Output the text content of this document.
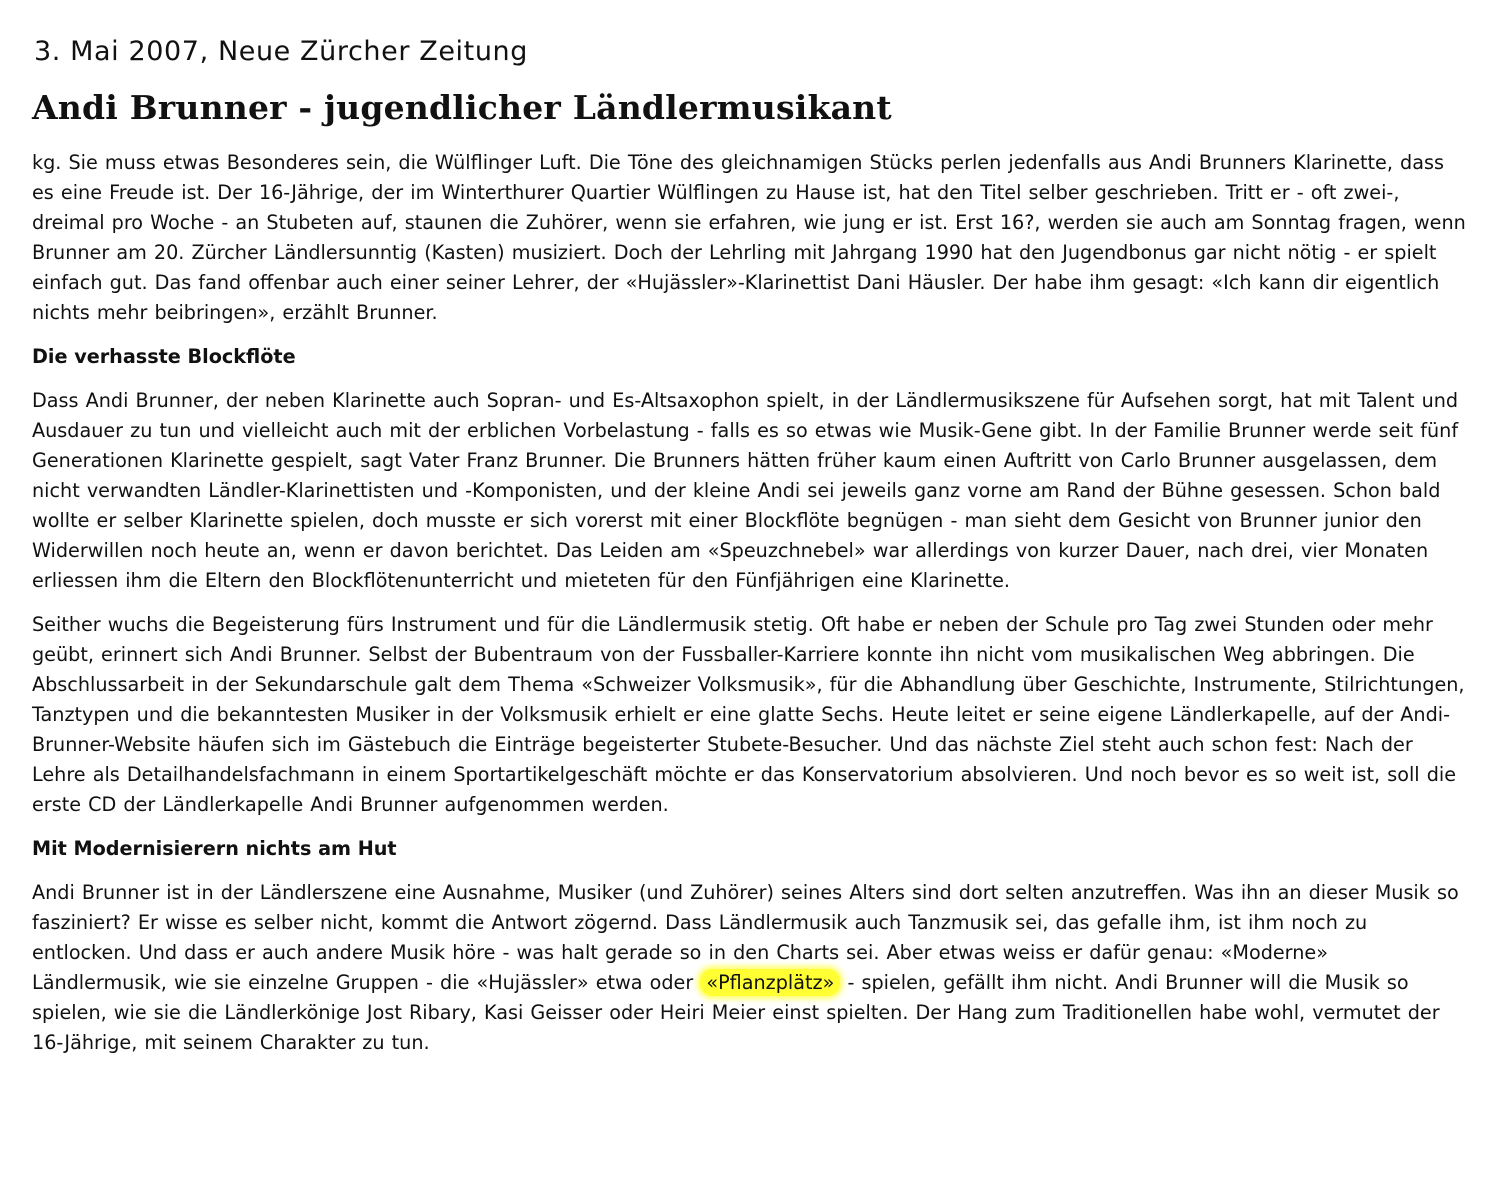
3. Mai 2007, Neue Zürcher Zeitung
Andi Brunner - jugendlicher Ländlermusikant

kg. Sie muss etwas Besonderes sein, die Wülflinger Luft. Die Töne des gleichnamigen Stücks perlen jedenfalls aus Andi Brunners Klarinette, dass es eine Freude ist. Der 16-Jährige, der im Winterthurer Quartier Wülflingen zu Hause ist, hat den Titel selber geschrieben. Tritt er - oft zwei-, dreimal pro Woche - an Stubeten auf, staunen die Zuhörer, wenn sie erfahren, wie jung er ist. Erst 16?, werden sie auch am Sonntag fragen, wenn Brunner am 20. Zürcher Ländlersunntig (Kasten) musiziert. Doch der Lehrling mit Jahrgang 1990 hat den Jugendbonus gar nicht nötig - er spielt einfach gut. Das fand offenbar auch einer seiner Lehrer, der «Hujässler»-Klarinettist Dani Häusler. Der habe ihm gesagt: «Ich kann dir eigentlich nichts mehr beibringen», erzählt Brunner.

Die verhasste Blockflöte

Dass Andi Brunner, der neben Klarinette auch Sopran- und Es-Altsaxophon spielt, in der Ländlermusikszene für Aufsehen sorgt, hat mit Talent und Ausdauer zu tun und vielleicht auch mit der erblichen Vorbelastung - falls es so etwas wie Musik-Gene gibt. In der Familie Brunner werde seit fünf Generationen Klarinette gespielt, sagt Vater Franz Brunner. Die Brunners hätten früher kaum einen Auftritt von Carlo Brunner ausgelassen, dem nicht verwandten Ländler-Klarinettisten und -Komponisten, und der kleine Andi sei jeweils ganz vorne am Rand der Bühne gesessen. Schon bald wollte er selber Klarinette spielen, doch musste er sich vorerst mit einer Blockflöte begnügen - man sieht dem Gesicht von Brunner junior den Widerwillen noch heute an, wenn er davon berichtet. Das Leiden am «Speuzchnebel» war allerdings von kurzer Dauer, nach drei, vier Monaten erliessen ihm die Eltern den Blockflötenunterricht und mieteten für den Fünfjährigen eine Klarinette.

Seither wuchs die Begeisterung fürs Instrument und für die Ländlermusik stetig. Oft habe er neben der Schule pro Tag zwei Stunden oder mehr geübt, erinnert sich Andi Brunner. Selbst der Bubentraum von der Fussballer-Karriere konnte ihn nicht vom musikalischen Weg abbringen. Die Abschlussarbeit in der Sekundarschule galt dem Thema «Schweizer Volksmusik», für die Abhandlung über Geschichte, Instrumente, Stilrichtungen, Tanztypen und die bekanntesten Musiker in der Volksmusik erhielt er eine glatte Sechs. Heute leitet er seine eigene Ländlerkapelle, auf der Andi-Brunner-Website häufen sich im Gästebuch die Einträge begeisterter Stubete-Besucher. Und das nächste Ziel steht auch schon fest: Nach der Lehre als Detailhandelsfachmann in einem Sportartikelgeschäft möchte er das Konservatorium absolvieren. Und noch bevor es so weit ist, soll die erste CD der Ländlerkapelle Andi Brunner aufgenommen werden.

Mit Modernisierern nichts am Hut

Andi Brunner ist in der Ländlerszene eine Ausnahme, Musiker (und Zuhörer) seines Alters sind dort selten anzutreffen. Was ihn an dieser Musik so fasziniert? Er wisse es selber nicht, kommt die Antwort zögernd. Dass Ländlermusik auch Tanzmusik sei, das gefalle ihm, ist ihm noch zu entlocken. Und dass er auch andere Musik höre - was halt gerade so in den Charts sei. Aber etwas weiss er dafür genau: «Moderne» Ländlermusik, wie sie einzelne Gruppen - die «Hujässler» etwa oder «Pflanzplätz» - spielen, gefällt ihm nicht. Andi Brunner will die Musik so spielen, wie sie die Ländlerkönige Jost Ribary, Kasi Geisser oder Heiri Meier einst spielten. Der Hang zum Traditionellen habe wohl, vermutet der 16-Jährige, mit seinem Charakter zu tun.
